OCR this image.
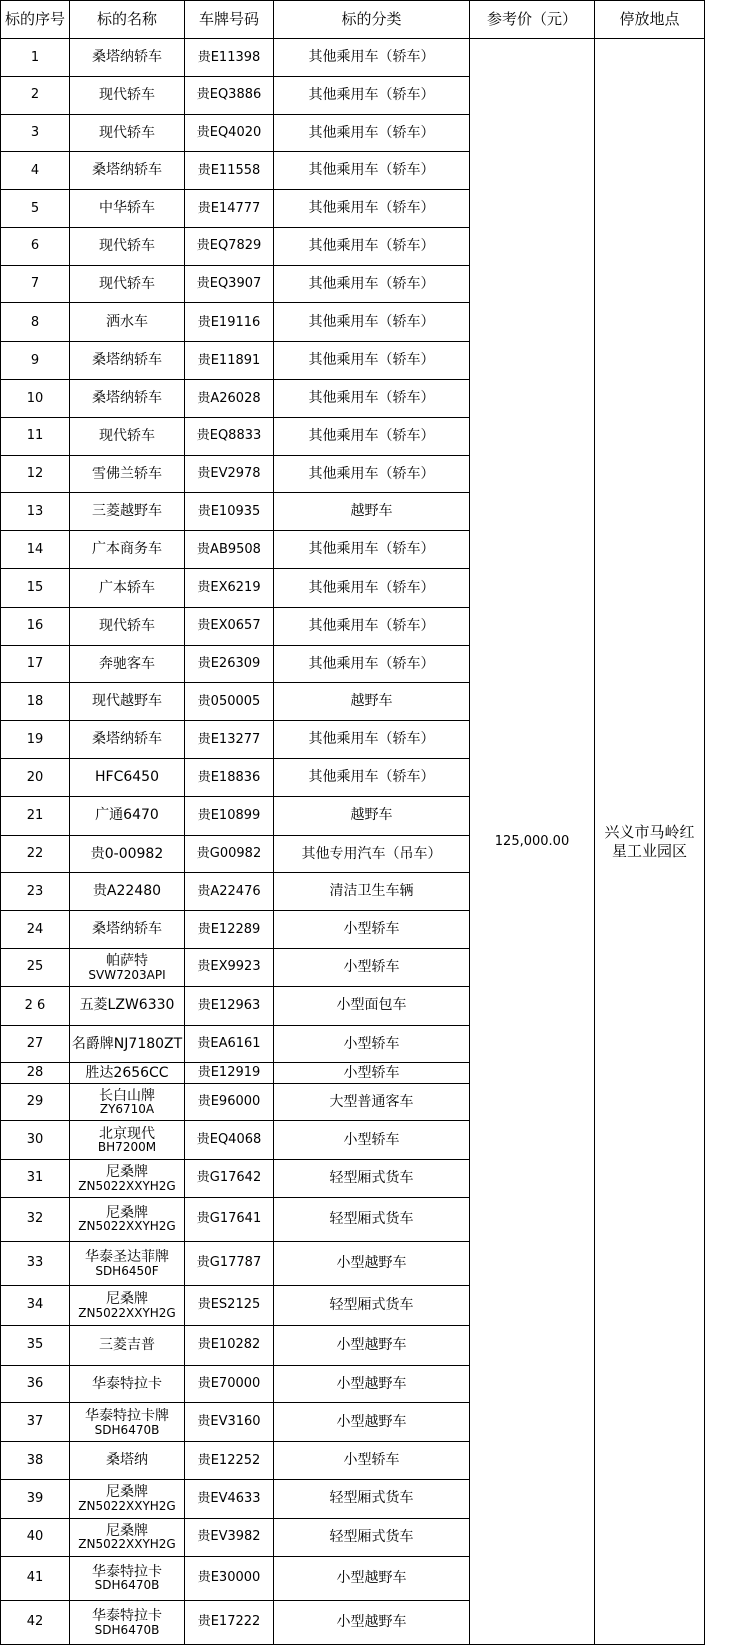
标的序号	标的名称	车牌号码	标的分类	参考价（元）	停放地点
1	桑塔纳轿车	贵E11398	其他乘用车（轿车）	125,000.00	兴义市马岭红星工业园区
2	现代轿车	贵EQ3886	其他乘用车（轿车）		
3	现代轿车	贵EQ4020	其他乘用车（轿车）		
4	桑塔纳轿车	贵E11558	其他乘用车（轿车）		
5	中华轿车	贵E14777	其他乘用车（轿车）		
6	现代轿车	贵EQ7829	其他乘用车（轿车）		
7	现代轿车	贵EQ3907	其他乘用车（轿车）		
8	洒水车	贵E19116	其他乘用车（轿车）		
9	桑塔纳轿车	贵E11891	其他乘用车（轿车）		
10	桑塔纳轿车	贵A26028	其他乘用车（轿车）		
11	现代轿车	贵EQ8833	其他乘用车（轿车）		
12	雪佛兰轿车	贵EV2978	其他乘用车（轿车）		
13	三菱越野车	贵E10935	越野车		
14	广本商务车	贵AB9508	其他乘用车（轿车）		
15	广本轿车	贵EX6219	其他乘用车（轿车）		
16	现代轿车	贵EX0657	其他乘用车（轿车）		
17	奔驰客车	贵E26309	其他乘用车（轿车）		
18	现代越野车	贵050005	越野车		
19	桑塔纳轿车	贵E13277	其他乘用车（轿车）		
20	HFC6450	贵E18836	其他乘用车（轿车）		
21	广通6470	贵E10899	越野车		
22	贵0-00982	贵G00982	其他专用汽车（吊车）		
23	贵A22480	贵A22476	清洁卫生车辆		
24	桑塔纳轿车	贵E12289	小型轿车		
25	帕萨特
SVW7203API	贵EX9923	小型轿车		
2 6	五菱LZW6330	贵E12963	小型面包车		
27	名爵牌NJ7180ZT	贵EA6161	小型轿车		
28	胜达2656CC	贵E12919	小型轿车		
29	长白山牌
ZY6710A	贵E96000	大型普通客车		
30	北京现代
BH7200M	贵EQ4068	小型轿车		
31	尼桑牌
ZN5022XXYH2G	贵G17642	轻型厢式货车		
32	尼桑牌
ZN5022XXYH2G	贵G17641	轻型厢式货车		
33	华泰圣达菲牌
SDH6450F	贵G17787	小型越野车		
34	尼桑牌
ZN5022XXYH2G	贵ES2125	轻型厢式货车		
35	三菱吉普	贵E10282	小型越野车		
36	华泰特拉卡	贵E70000	小型越野车		
37	华泰特拉卡牌
SDH6470B	贵EV3160	小型越野车		
38	桑塔纳	贵E12252	小型轿车		
39	尼桑牌
ZN5022XXYH2G	贵EV4633	轻型厢式货车		
40	尼桑牌
ZN5022XXYH2G	贵EV3982	轻型厢式货车		
41	华泰特拉卡
SDH6470B	贵E30000	小型越野车		
42	华泰特拉卡
SDH6470B	贵E17222	小型越野车		
